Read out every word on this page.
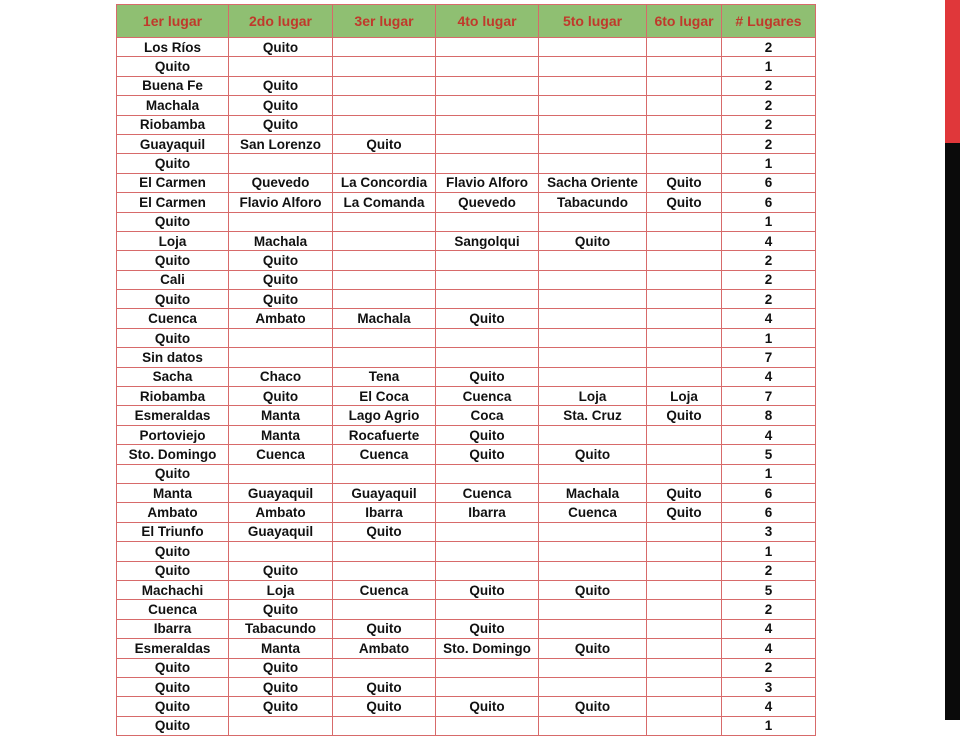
1er lugar	2do lugar	3er lugar	4to lugar	5to lugar	6to lugar	# Lugares
Los Ríos	Quito					2
Quito						1
Buena Fe	Quito					2
Machala	Quito					2
Riobamba	Quito					2
Guayaquil	San Lorenzo	Quito				2
Quito						1
El Carmen	Quevedo	La Concordia	Flavio Alforo	Sacha Oriente	Quito	6
El Carmen	Flavio Alforo	La Comanda	Quevedo	Tabacundo	Quito	6
Quito						1
Loja	Machala		Sangolqui	Quito		4
Quito	Quito					2
Cali	Quito					2
Quito	Quito					2
Cuenca	Ambato	Machala	Quito			4
Quito						1
Sin datos						7
Sacha	Chaco	Tena	Quito			4
Riobamba	Quito	El Coca	Cuenca	Loja	Loja	7
Esmeraldas	Manta	Lago Agrio	Coca	Sta. Cruz	Quito	8
Portoviejo	Manta	Rocafuerte	Quito			4
Sto. Domingo	Cuenca	Cuenca	Quito	Quito		5
Quito						1
Manta	Guayaquil	Guayaquil	Cuenca	Machala	Quito	6
Ambato	Ambato	Ibarra	Ibarra	Cuenca	Quito	6
El Triunfo	Guayaquil	Quito				3
Quito						1
Quito	Quito					2
Machachi	Loja	Cuenca	Quito	Quito		5
Cuenca	Quito					2
Ibarra	Tabacundo	Quito	Quito			4
Esmeraldas	Manta	Ambato	Sto. Domingo	Quito		4
Quito	Quito					2
Quito	Quito	Quito				3
Quito	Quito	Quito	Quito	Quito		4
Quito						1
